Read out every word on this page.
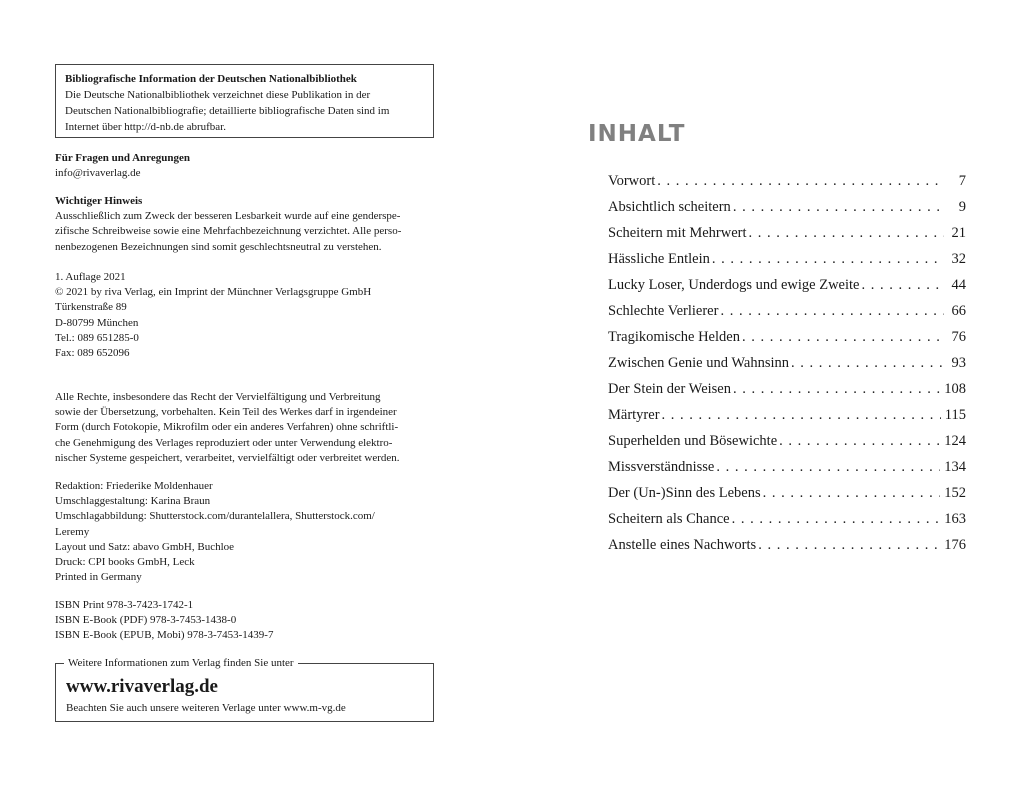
Bibliografische Information der Deutschen Nationalbibliothek
Die Deutsche Nationalbibliothek verzeichnet diese Publikation in der
Deutschen Nationalbibliografie; detaillierte bibliografische Daten sind im
Internet über http://d-nb.de abrufbar.
Für Fragen und Anregungen
info@rivaverlag.de
Wichtiger Hinweis
Ausschließlich zum Zweck der besseren Lesbarkeit wurde auf eine genderspe-
zifische Schreibweise sowie eine Mehrfachbezeichnung verzichtet. Alle perso-
nenbezogenen Bezeichnungen sind somit geschlechtsneutral zu verstehen.
1. Auflage 2021
© 2021 by riva Verlag, ein Imprint der Münchner Verlagsgruppe GmbH
Türkenstraße 89
D-80799 München
Tel.: 089 651285-0
Fax: 089 652096
Alle Rechte, insbesondere das Recht der Vervielfältigung und Verbreitung
sowie der Übersetzung, vorbehalten. Kein Teil des Werkes darf in irgendeiner
Form (durch Fotokopie, Mikrofilm oder ein anderes Verfahren) ohne schriftli-
che Genehmigung des Verlages reproduziert oder unter Verwendung elektro-
nischer Systeme gespeichert, verarbeitet, vervielfältigt oder verbreitet werden.
Redaktion: Friederike Moldenhauer
Umschlaggestaltung: Karina Braun
Umschlagabbildung: Shutterstock.com/durantelallera, Shutterstock.com/
Leremy
Layout und Satz: abavo GmbH, Buchloe
Druck: CPI books GmbH, Leck
Printed in Germany
ISBN Print 978-3-7423-1742-1
ISBN E-Book (PDF) 978-3-7453-1438-0
ISBN E-Book (EPUB, Mobi) 978-3-7453-1439-7
Weitere Informationen zum Verlag finden Sie unter
www.rivaverlag.de
Beachten Sie auch unsere weiteren Verlage unter www.m-vg.de
INHALT
Vorwort . . .	7
Absichtlich scheitern . . .	9
Scheitern mit Mehrwert . . .	21
Hässliche Entlein . . .	32
Lucky Loser, Underdogs und ewige Zweite . . .	44
Schlechte Verlierer . . .	66
Tragikomische Helden . . .	76
Zwischen Genie und Wahnsinn . . .	93
Der Stein der Weisen . . .	108
Märtyrer . . .	115
Superhelden und Bösewichte . . .	124
Missverständnisse . . .	134
Der (Un-)Sinn des Lebens . . .	152
Scheitern als Chance . . .	163
Anstelle eines Nachworts . . .	176
